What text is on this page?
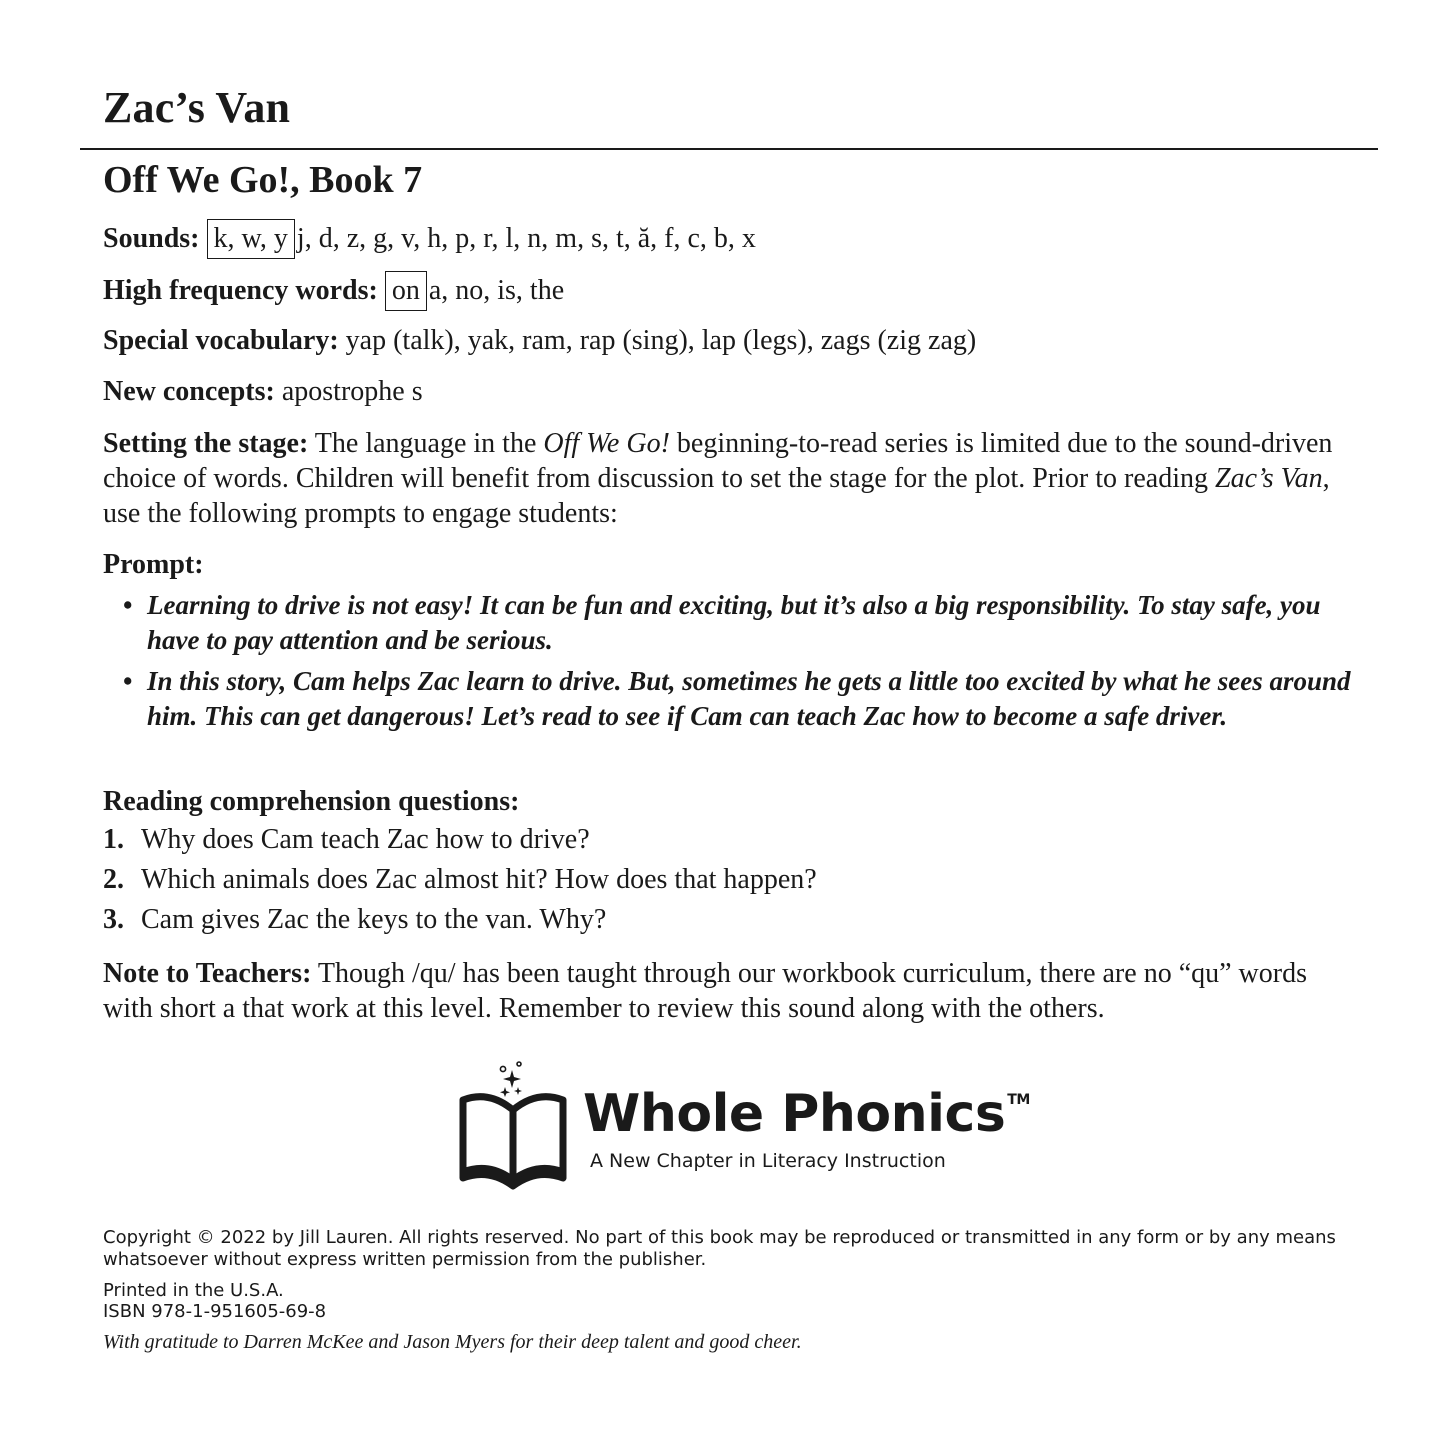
Zac’s Van
Off We Go!, Book 7
Sounds: k, w, y j, d, z, g, v, h, p, r, l, n, m, s, t, ă, f, c, b, x
High frequency words: on a, no, is, the
Special vocabulary: yap (talk), yak, ram, rap (sing), lap (legs), zags (zig zag)
New concepts: apostrophe s
Setting the stage: The language in the Off We Go! beginning-to-read series is limited due to the sound-driven choice of words. Children will benefit from discussion to set the stage for the plot. Prior to reading Zac’s Van, use the following prompts to engage students:
Prompt:
• Learning to drive is not easy! It can be fun and exciting, but it’s also a big responsibility. To stay safe, you have to pay attention and be serious.
• In this story, Cam helps Zac learn to drive. But, sometimes he gets a little too excited by what he sees around him. This can get dangerous! Let’s read to see if Cam can teach Zac how to become a safe driver.
Reading comprehension questions:
1. Why does Cam teach Zac how to drive?
2. Which animals does Zac almost hit? How does that happen?
3. Cam gives Zac the keys to the van. Why?
Note to Teachers: Though /qu/ has been taught through our workbook curriculum, there are no “qu” words with short a that work at this level. Remember to review this sound along with the others.
Whole Phonics ™
A New Chapter in Literacy Instruction
Copyright © 2022 by Jill Lauren. All rights reserved. No part of this book may be reproduced or transmitted in any form or by any means whatsoever without express written permission from the publisher.
Printed in the U.S.A.
ISBN 978-1-951605-69-8
With gratitude to Darren McKee and Jason Myers for their deep talent and good cheer.
